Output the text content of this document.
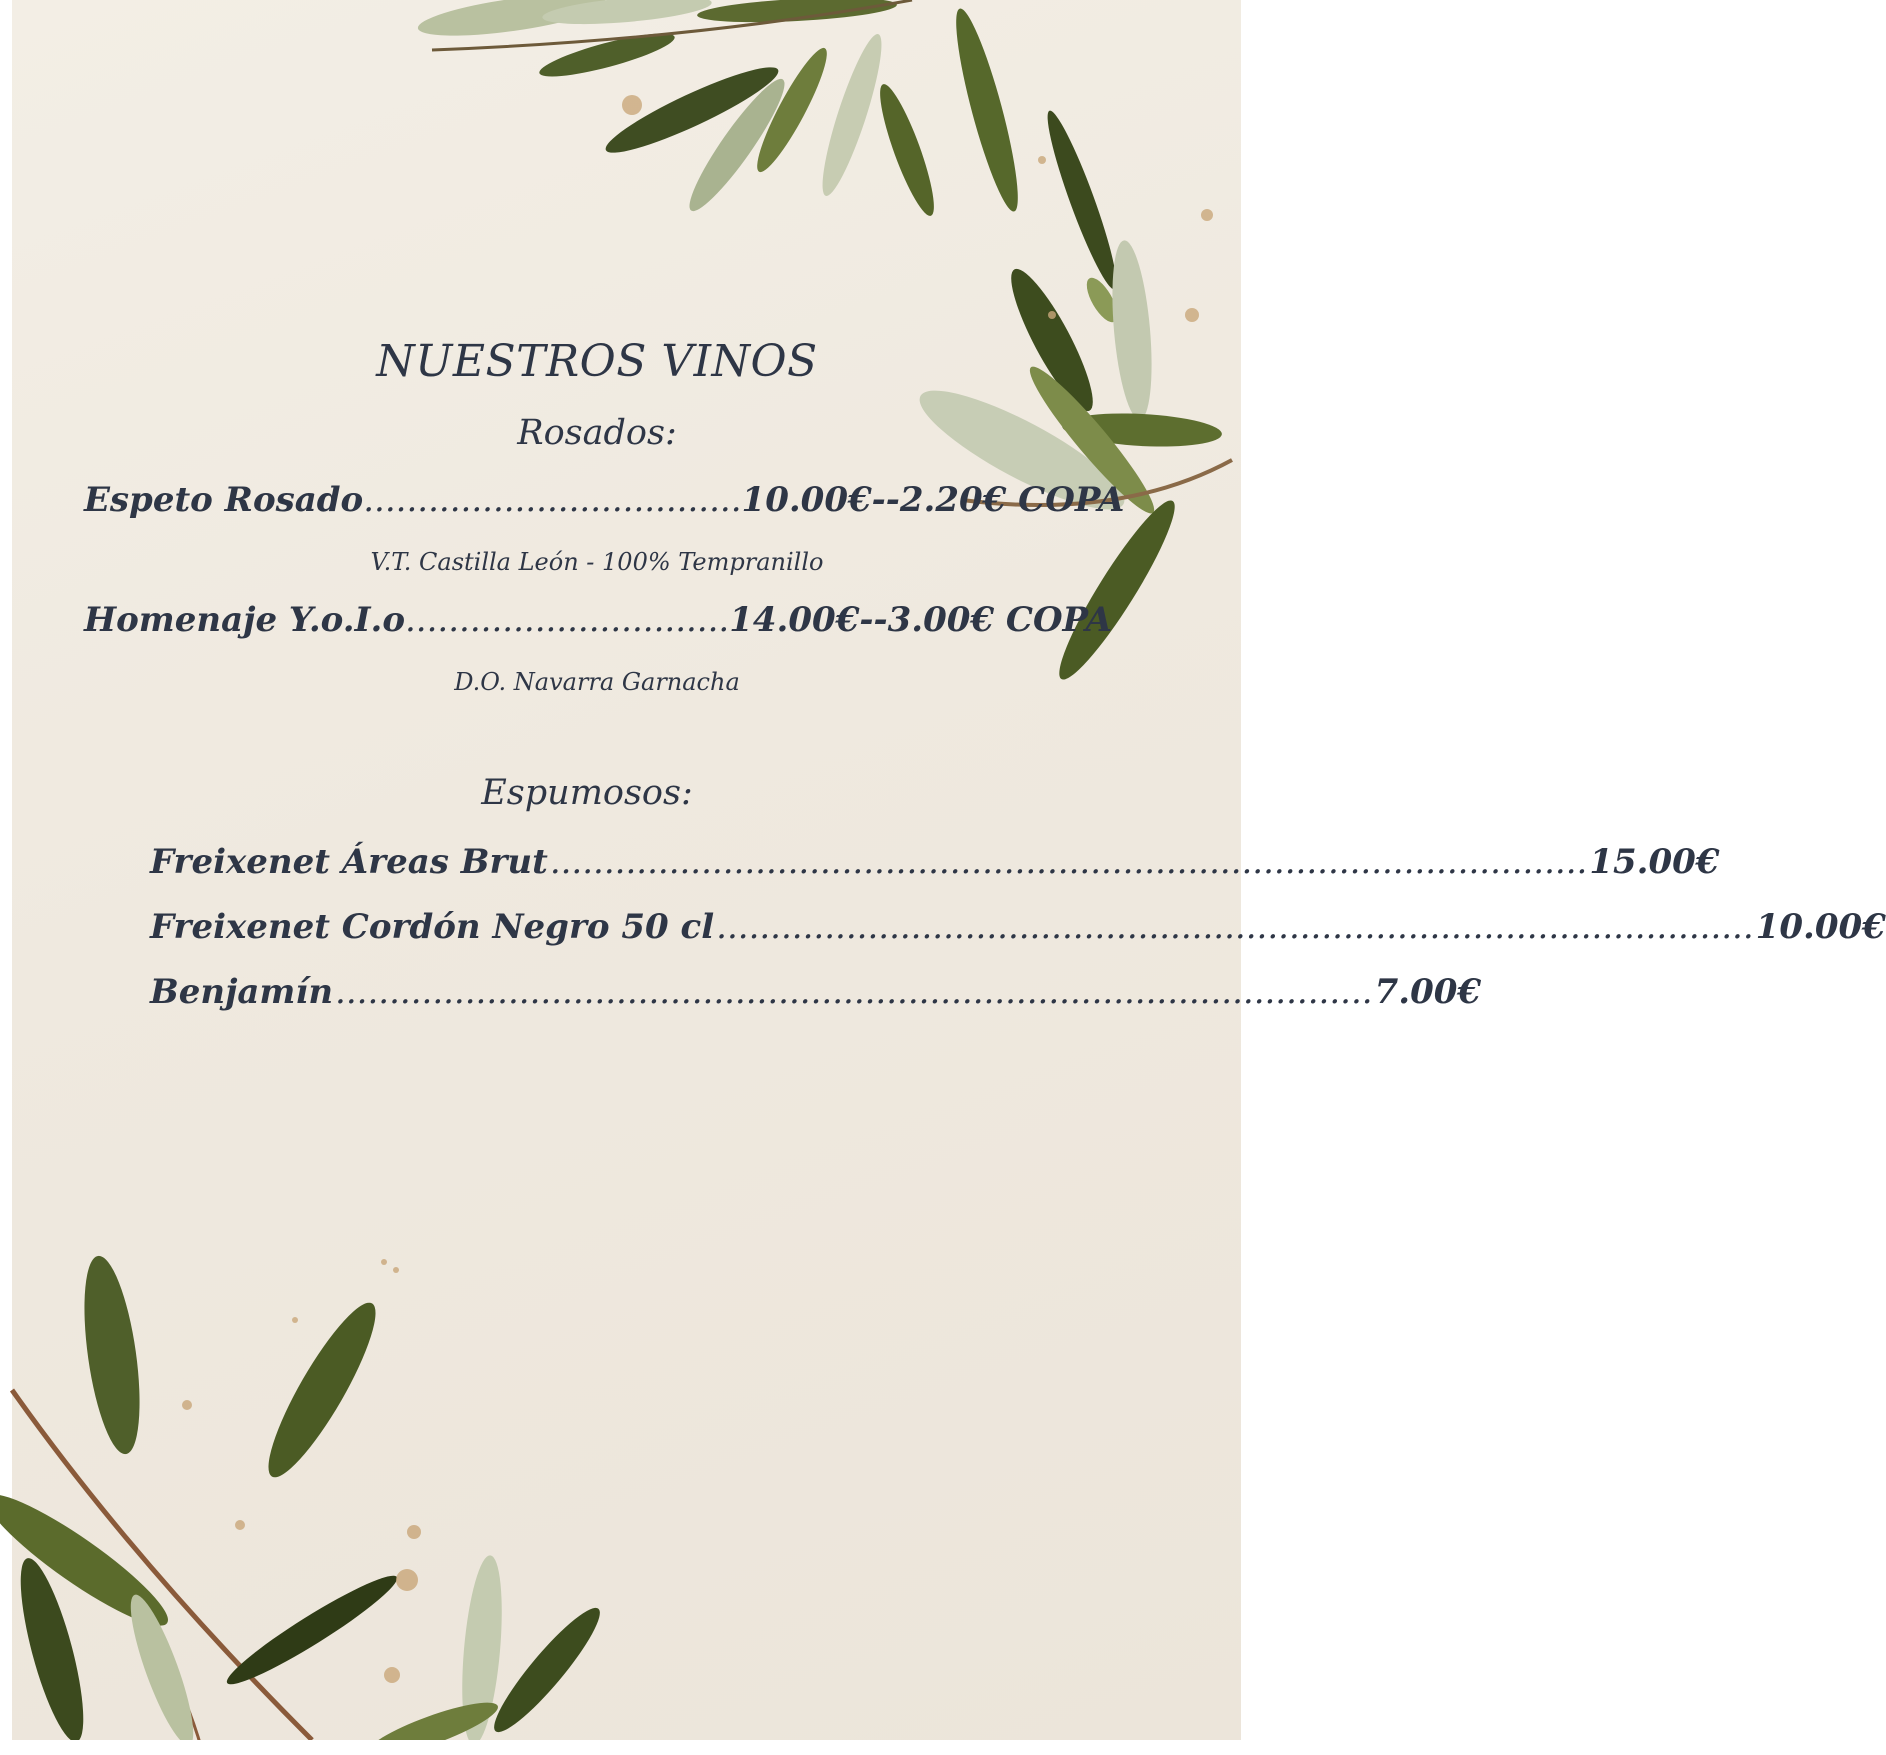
NUESTROS VINOS
Rosados:
Espeto Rosado...................................10.00€--2.20€ COPA
V.T. Castilla León - 100% Tempranillo
Homenaje Y.o.I.o..............................14.00€--3.00€ COPA
D.O. Navarra Garnacha
Espumosos:
Freixenet Áreas Brut ................................................................................................ 15.00€
Freixenet Cordón Negro 50 cl ................................................................................................ 10.00€
Benjamín ................................................................................................ 7.00€
